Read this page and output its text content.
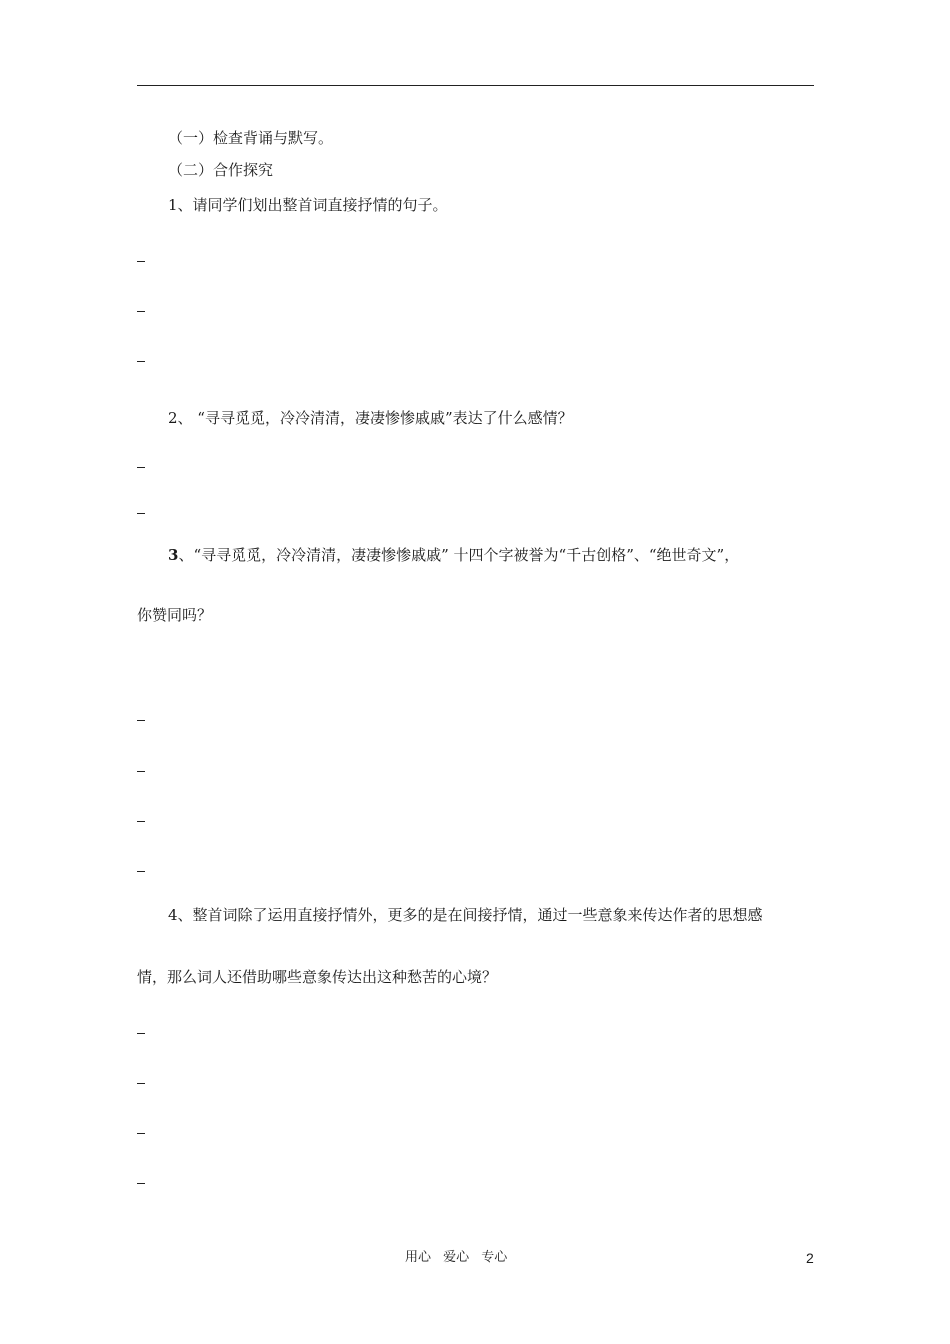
（一）检查背诵与默写。
（二）合作探究
1、请同学们划出整首词直接抒情的句子。
2、 “寻寻觅觅，冷冷清清，凄凄惨惨戚戚”表达了什么感情？
3、“寻寻觅觅，冷冷清清，凄凄惨惨戚戚” 十四个字被誉为“千古创格”、“绝世奇文”，
你赞同吗？
4、整首词除了运用直接抒情外，更多的是在间接抒情，通过一些意象来传达作者的思想感
情，那么词人还借助哪些意象传达出这种愁苦的心境？
用心 爱心 专心	2
